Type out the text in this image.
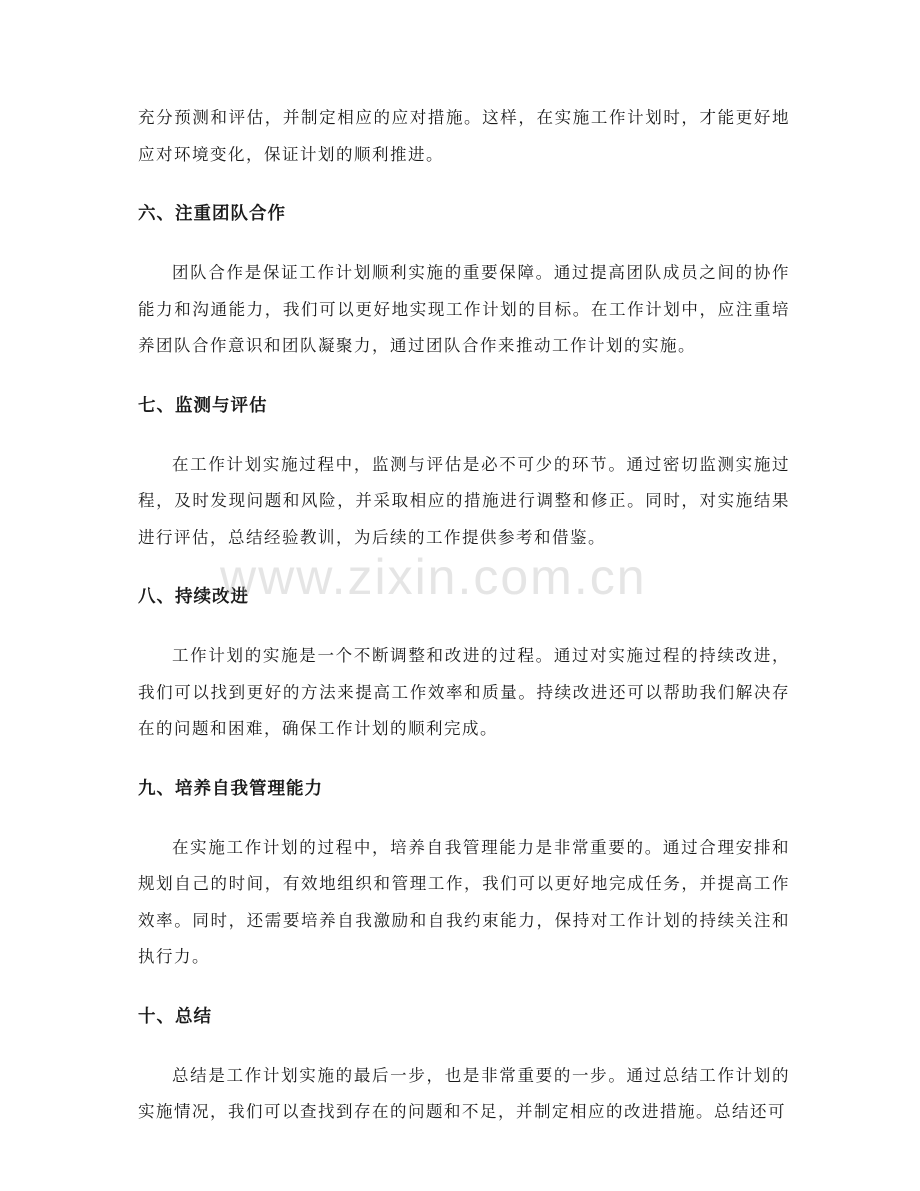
充分预测和评估，并制定相应的应对措施。这样，在实施工作计划时，才能更好地应对环境变化，保证计划的顺利推进。

六、注重团队合作

团队合作是保证工作计划顺利实施的重要保障。通过提高团队成员之间的协作能力和沟通能力，我们可以更好地实现工作计划的目标。在工作计划中，应注重培养团队合作意识和团队凝聚力，通过团队合作来推动工作计划的实施。

七、监测与评估

在工作计划实施过程中，监测与评估是必不可少的环节。通过密切监测实施过程，及时发现问题和风险，并采取相应的措施进行调整和修正。同时，对实施结果进行评估，总结经验教训，为后续的工作提供参考和借鉴。

八、持续改进

工作计划的实施是一个不断调整和改进的过程。通过对实施过程的持续改进，我们可以找到更好的方法来提高工作效率和质量。持续改进还可以帮助我们解决存在的问题和困难，确保工作计划的顺利完成。

九、培养自我管理能力

在实施工作计划的过程中，培养自我管理能力是非常重要的。通过合理安排和规划自己的时间，有效地组织和管理工作，我们可以更好地完成任务，并提高工作效率。同时，还需要培养自我激励和自我约束能力，保持对工作计划的持续关注和执行力。

十、总结

总结是工作计划实施的最后一步，也是非常重要的一步。通过总结工作计划的实施情况，我们可以查找到存在的问题和不足，并制定相应的改进措施。总结还可

www.zixin.com.cn
